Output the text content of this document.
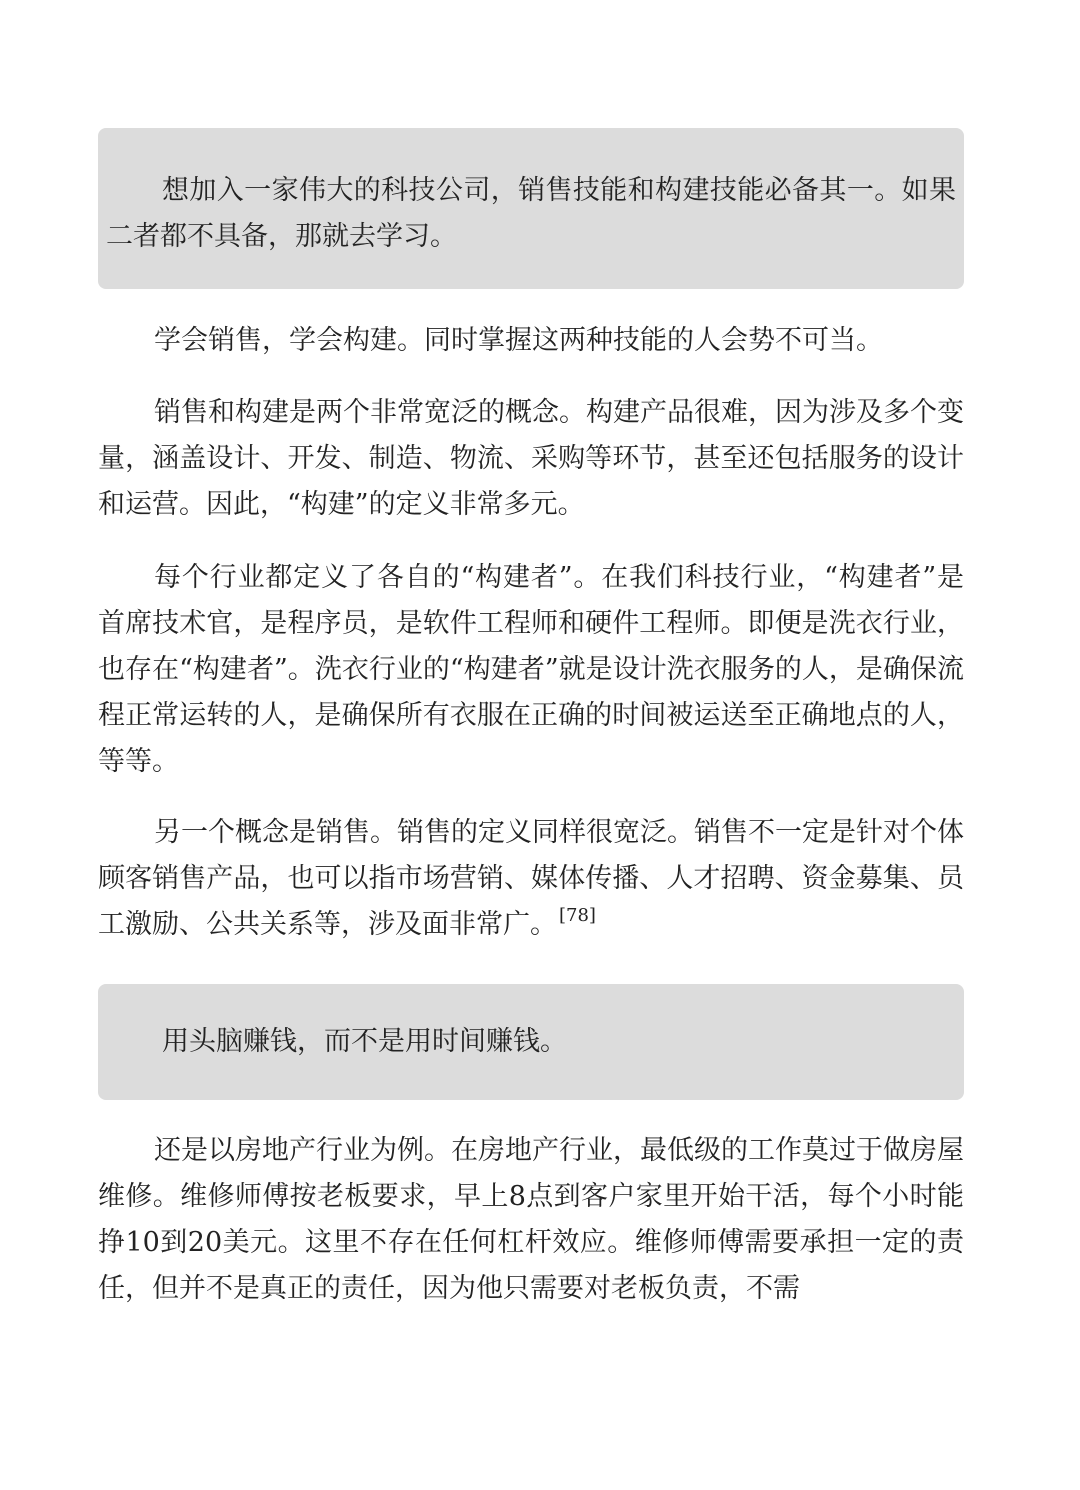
想加入一家伟大的科技公司，销售技能和构建技能必备其一。如果二者都不具备，那就去学习。

学会销售，学会构建。同时掌握这两种技能的人会势不可当。

销售和构建是两个非常宽泛的概念。构建产品很难，因为涉及多个变量，涵盖设计、开发、制造、物流、采购等环节，甚至还包括服务的设计和运营。因此，“构建”的定义非常多元。

每个行业都定义了各自的“构建者”。在我们科技行业，“构建者”是首席技术官，是程序员，是软件工程师和硬件工程师。即便是洗衣行业，也存在“构建者”。洗衣行业的“构建者”就是设计洗衣服务的人，是确保流程正常运转的人，是确保所有衣服在正确的时间被运送至正确地点的人，等等。

另一个概念是销售。销售的定义同样很宽泛。销售不一定是针对个体顾客销售产品，也可以指市场营销、媒体传播、人才招聘、资金募集、员工激励、公共关系等，涉及面非常广。 [78]

用头脑赚钱，而不是用时间赚钱。

还是以房地产行业为例。在房地产行业，最低级的工作莫过于做房屋维修。维修师傅按老板要求，早上8点到客户家里开始干活，每个小时能挣10到20美元。这里不存在任何杠杆效应。维修师傅需要承担一定的责任，但并不是真正的责任，因为他只需要对老板负责，不需
